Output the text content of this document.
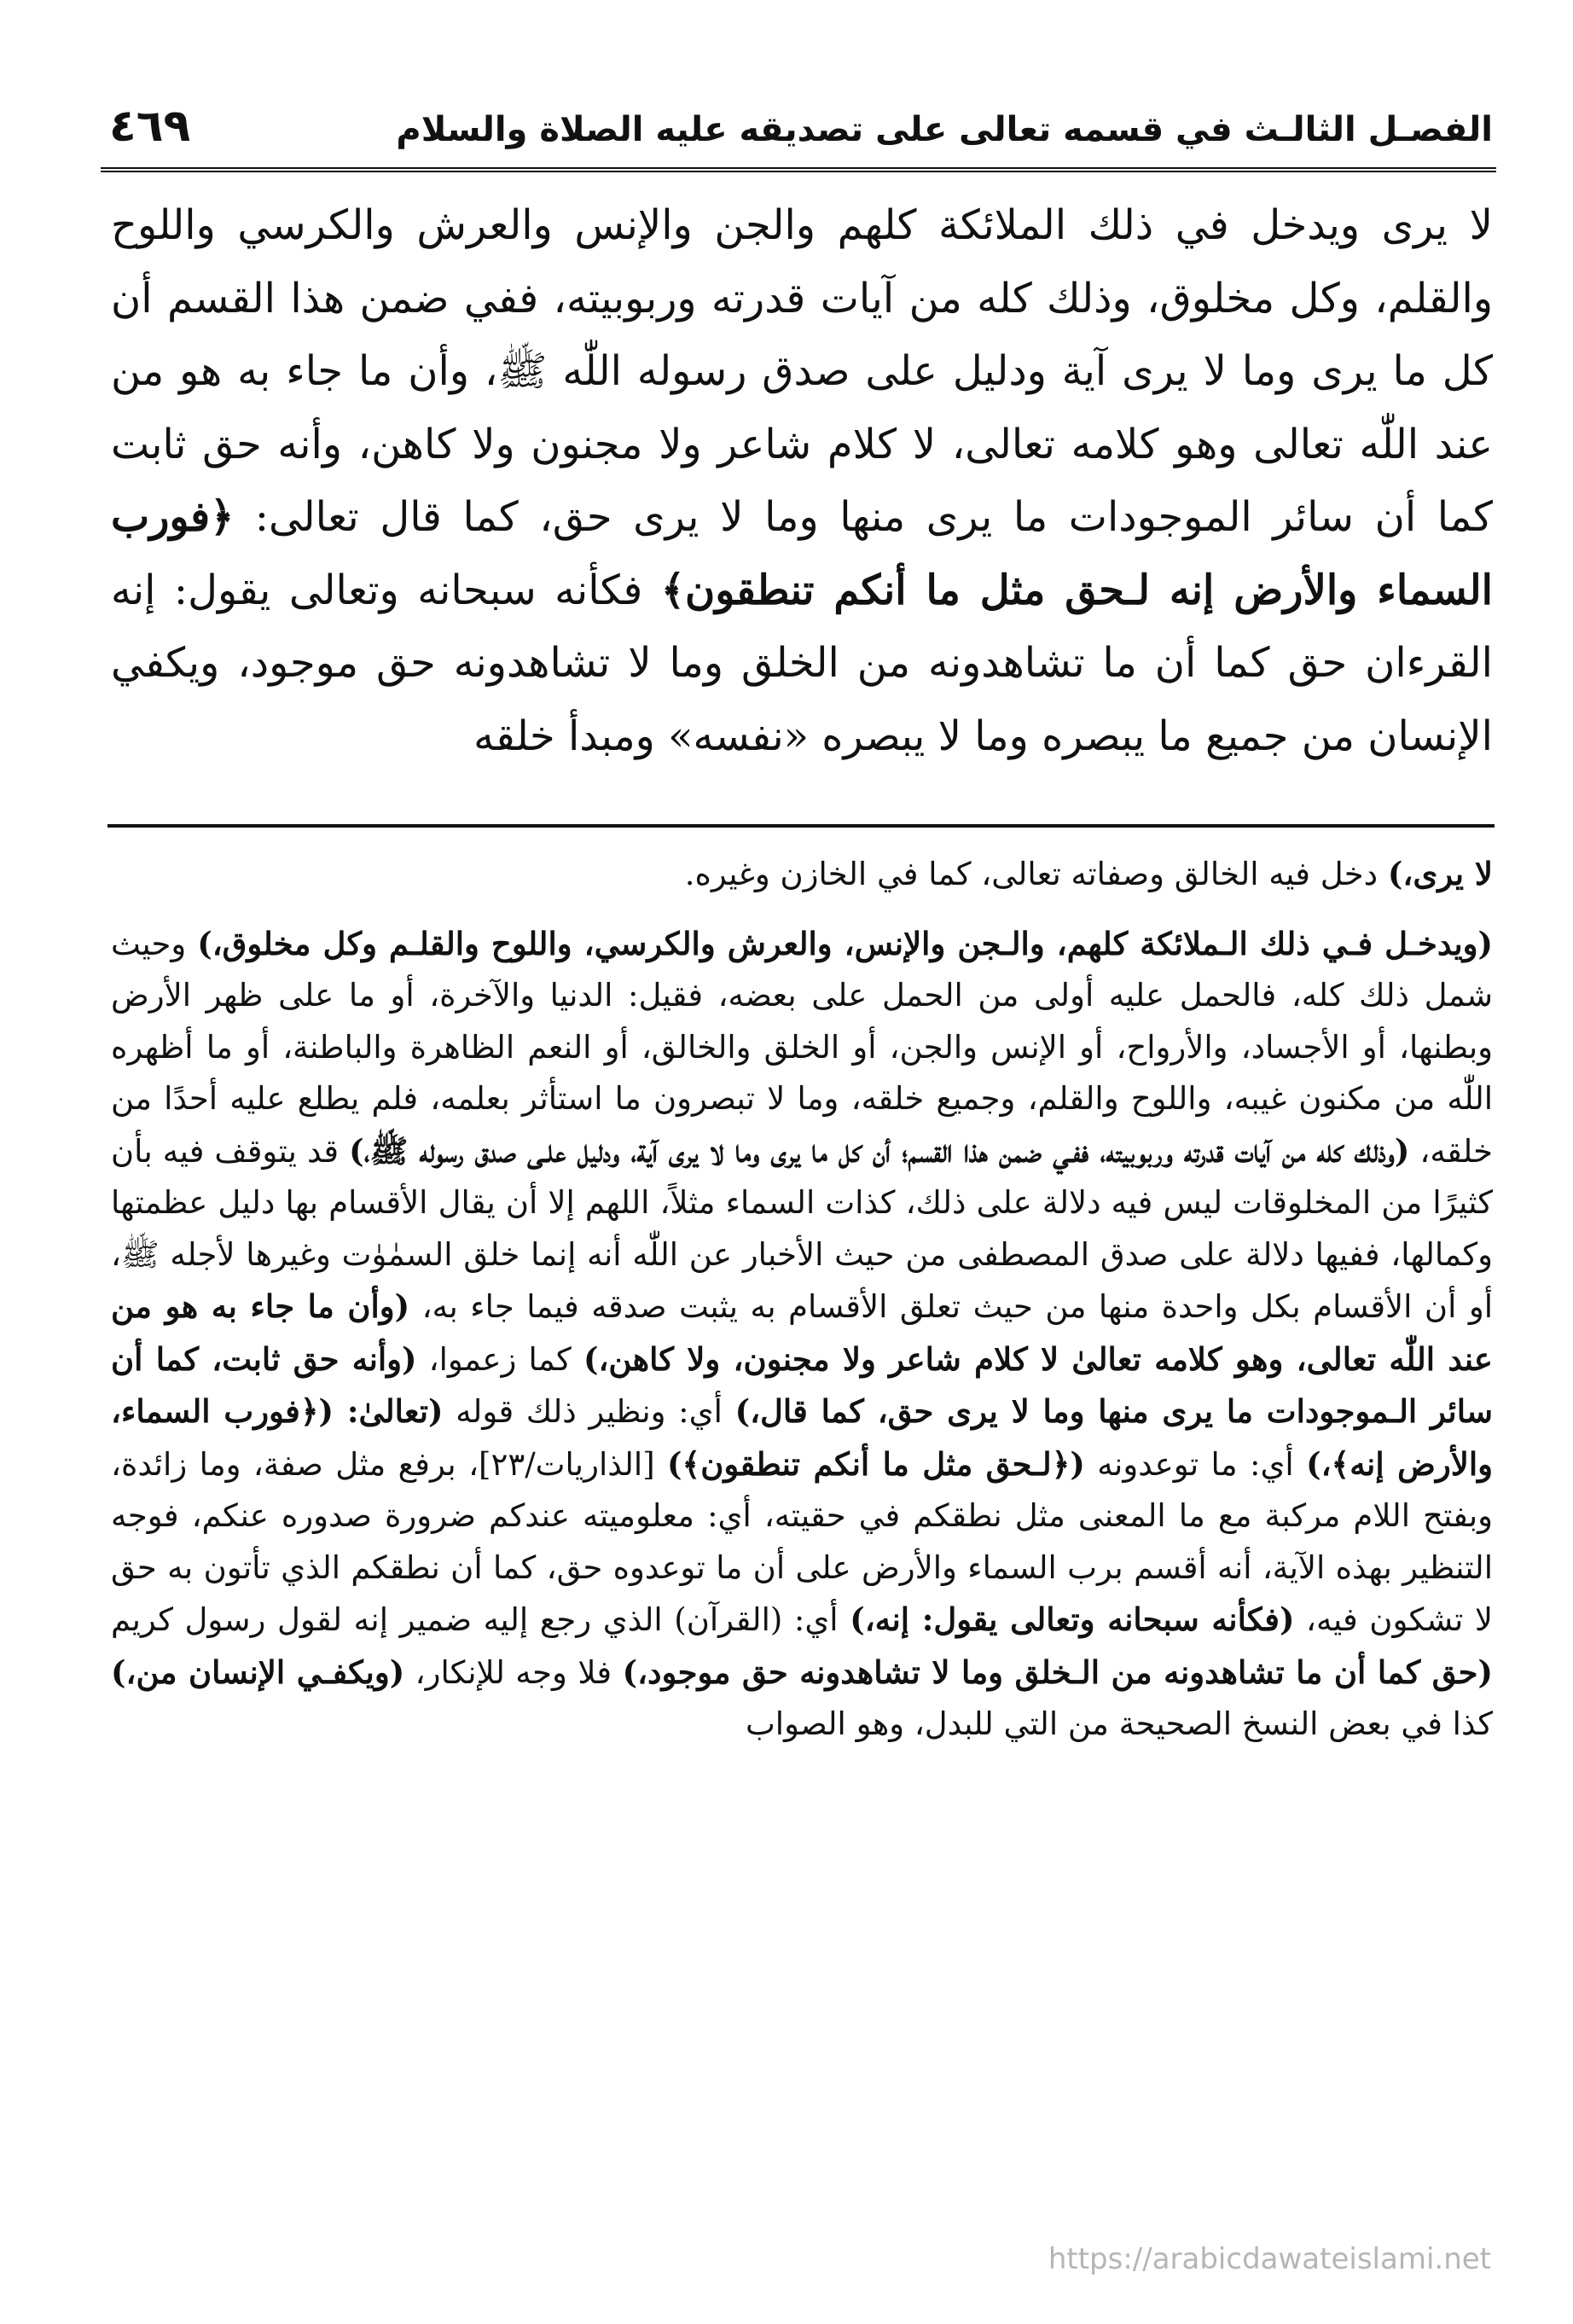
الفصـل الثالـث في قسمه تعالى على تصديقه عليه الصلاة والسلام
٤٦٩

لا يرى ويدخل في ذلك الملائكة كلهم والجن والإنس والعرش والكرسي واللوح والقلم، وكل مخلوق، وذلك كله من آيات قدرته وربوبيته، ففي ضمن هذا القسم أن كل ما يرى وما لا يرى آية ودليل على صدق رسوله اللّٰه ﷺ، وأن ما جاء به هو من عند اللّٰه تعالى وهو كلامه تعالى، لا كلام شاعر ولا مجنون ولا كاهن، وأنه حق ثابت كما أن سائر الموجودات ما يرى منها وما لا يرى حق، كما قال تعالى: ﴿فورب السماء والأرض إنه لـحق مثل ما أنكم تنطقون﴾ فكأنه سبحانه وتعالى يقول: إنه القرءان حق كما أن ما تشاهدونه من الخلق وما لا تشاهدونه حق موجود، ويكفي الإنسان من جميع ما يبصره وما لا يبصره «نفسه» ومبدأ خلقه

لا يرى،) دخل فيه الخالق وصفاته تعالى، كما في الخازن وغيره.

(ويدخـل فـي ذلك الـملائكة كلهم، والـجن والإنس، والعرش والكرسي، واللوح والقلـم وكل مخلوق،) وحيث شمل ذلك كله، فالحمل عليه أولى من الحمل على بعضه، فقيل: الدنيا والآخرة، أو ما على ظهر الأرض وبطنها، أو الأجساد، والأرواح، أو الإنس والجن، أو الخلق والخالق، أو النعم الظاهرة والباطنة، أو ما أظهره اللّٰه من مكنون غيبه، واللوح والقلم، وجميع خلقه، وما لا تبصرون ما استأثر بعلمه، فلم يطلع عليه أحدًا من خلقه، (وذلك كله من آيات قدرته وربوبيته، ففـي ضمن هذا القسم؛ أن كل ما يرى وما لا يرى آية، ودليل علـى صدق رسوله ﷺ،) قد يتوقف فيه بأن كثيرًا من المخلوقات ليس فيه دلالة على ذلك، كذات السماء مثلاً، اللهم إلا أن يقال الأقسام بها دليل عظمتها وكمالها، ففيها دلالة على صدق المصطفى من حيث الأخبار عن اللّٰه أنه إنما خلق السمٰوٰت وغيرها لأجله ﷺ، أو أن الأقسام بكل واحدة منها من حيث تعلق الأقسام به يثبت صدقه فيما جاء به، (وأن ما جاء به هو من عند اللّٰه تعالى، وهو كلامه تعالىٰ لا كلام شاعر ولا مجنون، ولا كاهن،) كما زعموا، (وأنه حق ثابت، كما أن سائر الـموجودات ما يرى منها وما لا يرى حق، كما قال،) أي: ونظير ذلك قوله (تعالىٰ: (﴿فورب السماء، والأرض إنه﴾،) أي: ما توعدونه (﴿لـحق مثل ما أنكم تنطقون﴾) [الذاريات/٢٣]، برفع مثل صفة، وما زائدة، وبفتح اللام مركبة مع ما المعنى مثل نطقكم في حقيته، أي: معلوميته عندكم ضرورة صدوره عنكم، فوجه التنظير بهذه الآية، أنه أقسم برب السماء والأرض على أن ما توعدوه حق، كما أن نطقكم الذي تأتون به حق لا تشكون فيه، (فكأنه سبحانه وتعالى يقول: إنه،) أي: (القرآن) الذي رجع إليه ضمير إنه لقول رسول كريم (حق كما أن ما تشاهدونه من الـخلق وما لا تشاهدونه حق موجود،) فلا وجه للإنكار، (ويكفـي الإنسان من،) كذا في بعض النسخ الصحيحة من التي للبدل، وهو الصواب

https://arabicdawateislami.net
